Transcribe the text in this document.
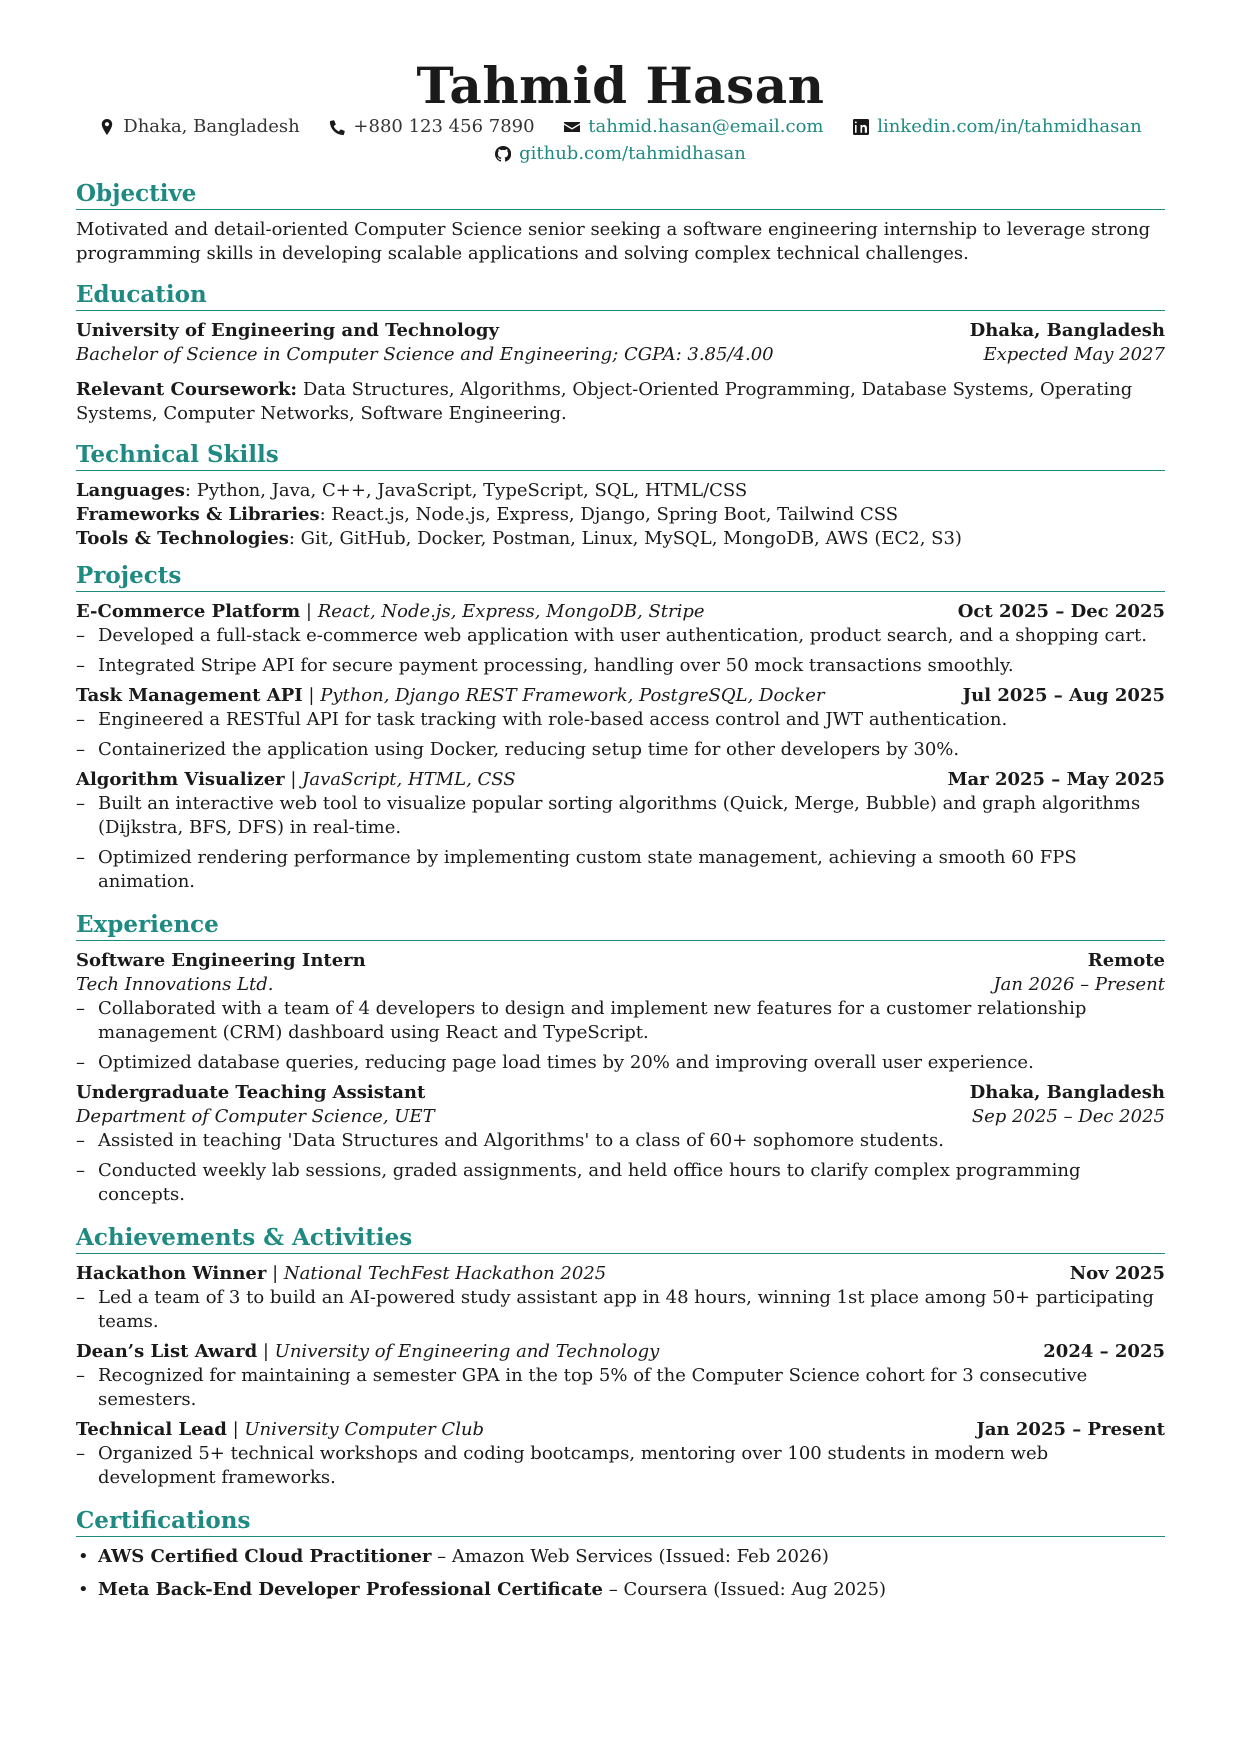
Tahmid Hasan
Dhaka, Bangladesh
	+880 123 456 7890
	tahmid.hasan@email.com
	linkedin.com/in/tahmidhasan

github.com/tahmidhasan
Objective
Motivated and detail-oriented Computer Science senior seeking a software engineering internship to leverage strong programming skills in developing scalable applications and solving complex technical challenges.
Education
University of Engineering and Technology	Dhaka, Bangladesh
Bachelor of Science in Computer Science and Engineering; CGPA: 3.85/4.00	Expected May 2027
Relevant Coursework: Data Structures, Algorithms, Object-Oriented Programming, Database Systems, Operating Systems, Computer Networks, Software Engineering.
Technical Skills
Languages: Python, Java, C++, JavaScript, TypeScript, SQL, HTML/CSS
Frameworks & Libraries: React.js, Node.js, Express, Django, Spring Boot, Tailwind CSS
Tools & Technologies: Git, GitHub, Docker, Postman, Linux, MySQL, MongoDB, AWS (EC2, S3)
Projects
E-Commerce Platform | React, Node.js, Express, MongoDB, Stripe	Oct 2025 – Dec 2025
– Developed a full-stack e-commerce web application with user authentication, product search, and a shopping cart.
– Integrated Stripe API for secure payment processing, handling over 50 mock transactions smoothly.
Task Management API | Python, Django REST Framework, PostgreSQL, Docker	Jul 2025 – Aug 2025
– Engineered a RESTful API for task tracking with role-based access control and JWT authentication.
– Containerized the application using Docker, reducing setup time for other developers by 30%.
Algorithm Visualizer | JavaScript, HTML, CSS	Mar 2025 – May 2025
– Built an interactive web tool to visualize popular sorting algorithms (Quick, Merge, Bubble) and graph algorithms (Dijkstra, BFS, DFS) in real-time.
– Optimized rendering performance by implementing custom state management, achieving a smooth 60 FPS animation.
Experience
Software Engineering Intern	Remote
Tech Innovations Ltd.	Jan 2026 – Present
– Collaborated with a team of 4 developers to design and implement new features for a customer relationship management (CRM) dashboard using React and TypeScript.
– Optimized database queries, reducing page load times by 20% and improving overall user experience.
Undergraduate Teaching Assistant	Dhaka, Bangladesh
Department of Computer Science, UET	Sep 2025 – Dec 2025
– Assisted in teaching 'Data Structures and Algorithms' to a class of 60+ sophomore students.
– Conducted weekly lab sessions, graded assignments, and held office hours to clarify complex programming concepts.
Achievements & Activities
Hackathon Winner | National TechFest Hackathon 2025	Nov 2025
– Led a team of 3 to build an AI-powered study assistant app in 48 hours, winning 1st place among 50+ participating teams.
Dean’s List Award | University of Engineering and Technology	2024 – 2025
– Recognized for maintaining a semester GPA in the top 5% of the Computer Science cohort for 3 consecutive semesters.
Technical Lead | University Computer Club	Jan 2025 – Present
– Organized 5+ technical workshops and coding bootcamps, mentoring over 100 students in modern web development frameworks.
Certifications
• AWS Certified Cloud Practitioner – Amazon Web Services (Issued: Feb 2026)
• Meta Back-End Developer Professional Certificate – Coursera (Issued: Aug 2025)
